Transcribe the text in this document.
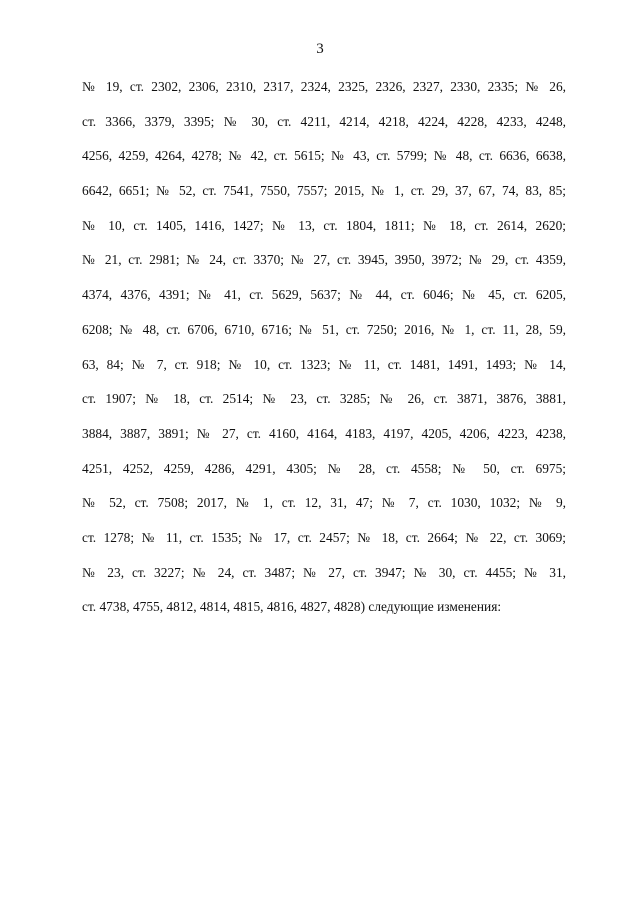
3
№ 19, ст. 2302, 2306, 2310, 2317, 2324, 2325, 2326, 2327, 2330, 2335; № 26,
ст. 3366, 3379, 3395; № 30, ст. 4211, 4214, 4218, 4224, 4228, 4233, 4248,
4256, 4259, 4264, 4278; № 42, ст. 5615; № 43, ст. 5799; № 48, ст. 6636, 6638,
6642, 6651; № 52, ст. 7541, 7550, 7557; 2015, № 1, ст. 29, 37, 67, 74, 83, 85;
№ 10, ст. 1405, 1416, 1427; № 13, ст. 1804, 1811; № 18, ст. 2614, 2620;
№ 21, ст. 2981; № 24, ст. 3370; № 27, ст. 3945, 3950, 3972; № 29, ст. 4359,
4374, 4376, 4391; № 41, ст. 5629, 5637; № 44, ст. 6046; № 45, ст. 6205,
6208; № 48, ст. 6706, 6710, 6716; № 51, ст. 7250; 2016, № 1, ст. 11, 28, 59,
63, 84; № 7, ст. 918; № 10, ст. 1323; № 11, ст. 1481, 1491, 1493; № 14,
ст. 1907; № 18, ст. 2514; № 23, ст. 3285; № 26, ст. 3871, 3876, 3881,
3884, 3887, 3891; № 27, ст. 4160, 4164, 4183, 4197, 4205, 4206, 4223, 4238,
4251, 4252, 4259, 4286, 4291, 4305; № 28, ст. 4558; № 50, ст. 6975;
№ 52, ст. 7508; 2017, № 1, ст. 12, 31, 47; № 7, ст. 1030, 1032; № 9,
ст. 1278; № 11, ст. 1535; № 17, ст. 2457; № 18, ст. 2664; № 22, ст. 3069;
№ 23, ст. 3227; № 24, ст. 3487; № 27, ст. 3947; № 30, ст. 4455; № 31,
ст. 4738, 4755, 4812, 4814, 4815, 4816, 4827, 4828) следующие изменения:
